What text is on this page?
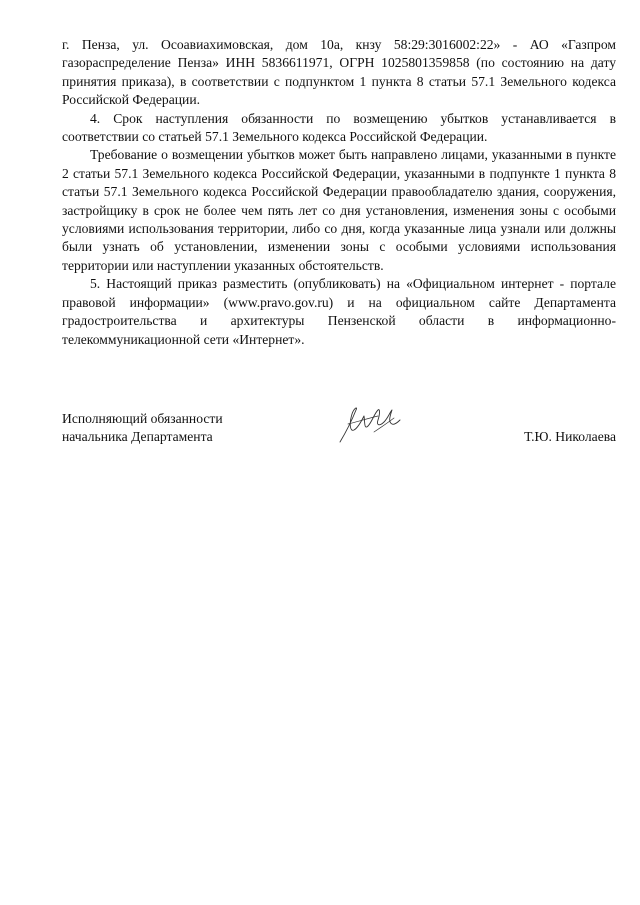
г. Пенза, ул. Осоавиахимовская, дом 10а, кнзу 58:29:3016002:22» - АО «Газпром газораспределение Пенза» ИНН 5836611971, ОГРН 1025801359858 (по состоянию на дату принятия приказа), в соответствии с подпунктом 1 пункта 8 статьи 57.1 Земельного кодекса Российской Федерации.

4. Срок наступления обязанности по возмещению убытков устанавливается в соответствии со статьей 57.1 Земельного кодекса Российской Федерации.

Требование о возмещении убытков может быть направлено лицами, указанными в пункте 2 статьи 57.1 Земельного кодекса Российской Федерации, указанными в подпункте 1 пункта 8 статьи 57.1 Земельного кодекса Российской Федерации правообладателю здания, сооружения, застройщику в срок не более чем пять лет со дня установления, изменения зоны с особыми условиями использования территории, либо со дня, когда указанные лица узнали или должны были узнать об установлении, изменении зоны с особыми условиями использования территории или наступлении указанных обстоятельств.

5. Настоящий приказ разместить (опубликовать) на «Официальном интернет - портале правовой информации» (www.pravo.gov.ru) и на официальном сайте Департамента градостроительства и архитектуры Пензенской области в информационно-телекоммуникационной сети «Интернет».

Исполняющий обязанности
начальника Департамента	Т.Ю. Николаева
